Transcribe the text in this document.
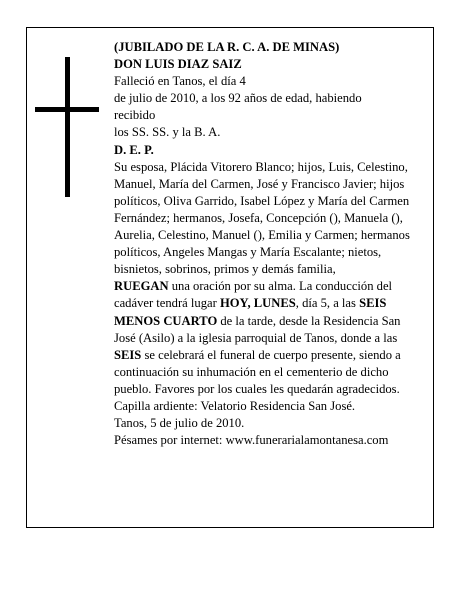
(JUBILADO DE LA R. C. A. DE MINAS)

DON LUIS DIAZ SAIZ

Falleció en Tanos, el día 4

de julio de 2010, a los 92 años de edad, habiendo

recibido

los SS. SS. y la B. A.

D. E. P.

Su esposa, Plácida Vitorero Blanco; hijos, Luis, Celestino, Manuel, María del Carmen, José y Francisco Javier; hijos políticos, Oliva Garrido, Isabel López y María del Carmen Fernández; hermanos, Josefa, Concepción (), Manuela (), Aurelia, Celestino, Manuel (), Emilia y Carmen; hermanos políticos, Angeles Mangas y María Escalante; nietos, bisnietos, sobrinos, primos y demás familia,

RUEGAN una oración por su alma. La conducción del cadáver tendrá lugar HOY, LUNES, día 5, a las SEIS MENOS CUARTO de la tarde, desde la Residencia San José (Asilo) a la iglesia parroquial de Tanos, donde a las SEIS se celebrará el funeral de cuerpo presente, siendo a continuación su inhumación en el cementerio de dicho pueblo. Favores por los cuales les quedarán agradecidos. Capilla ardiente: Velatorio Residencia San José.

Tanos, 5 de julio de 2010.

Pésames por internet: www.funerarialamontanesa.com
